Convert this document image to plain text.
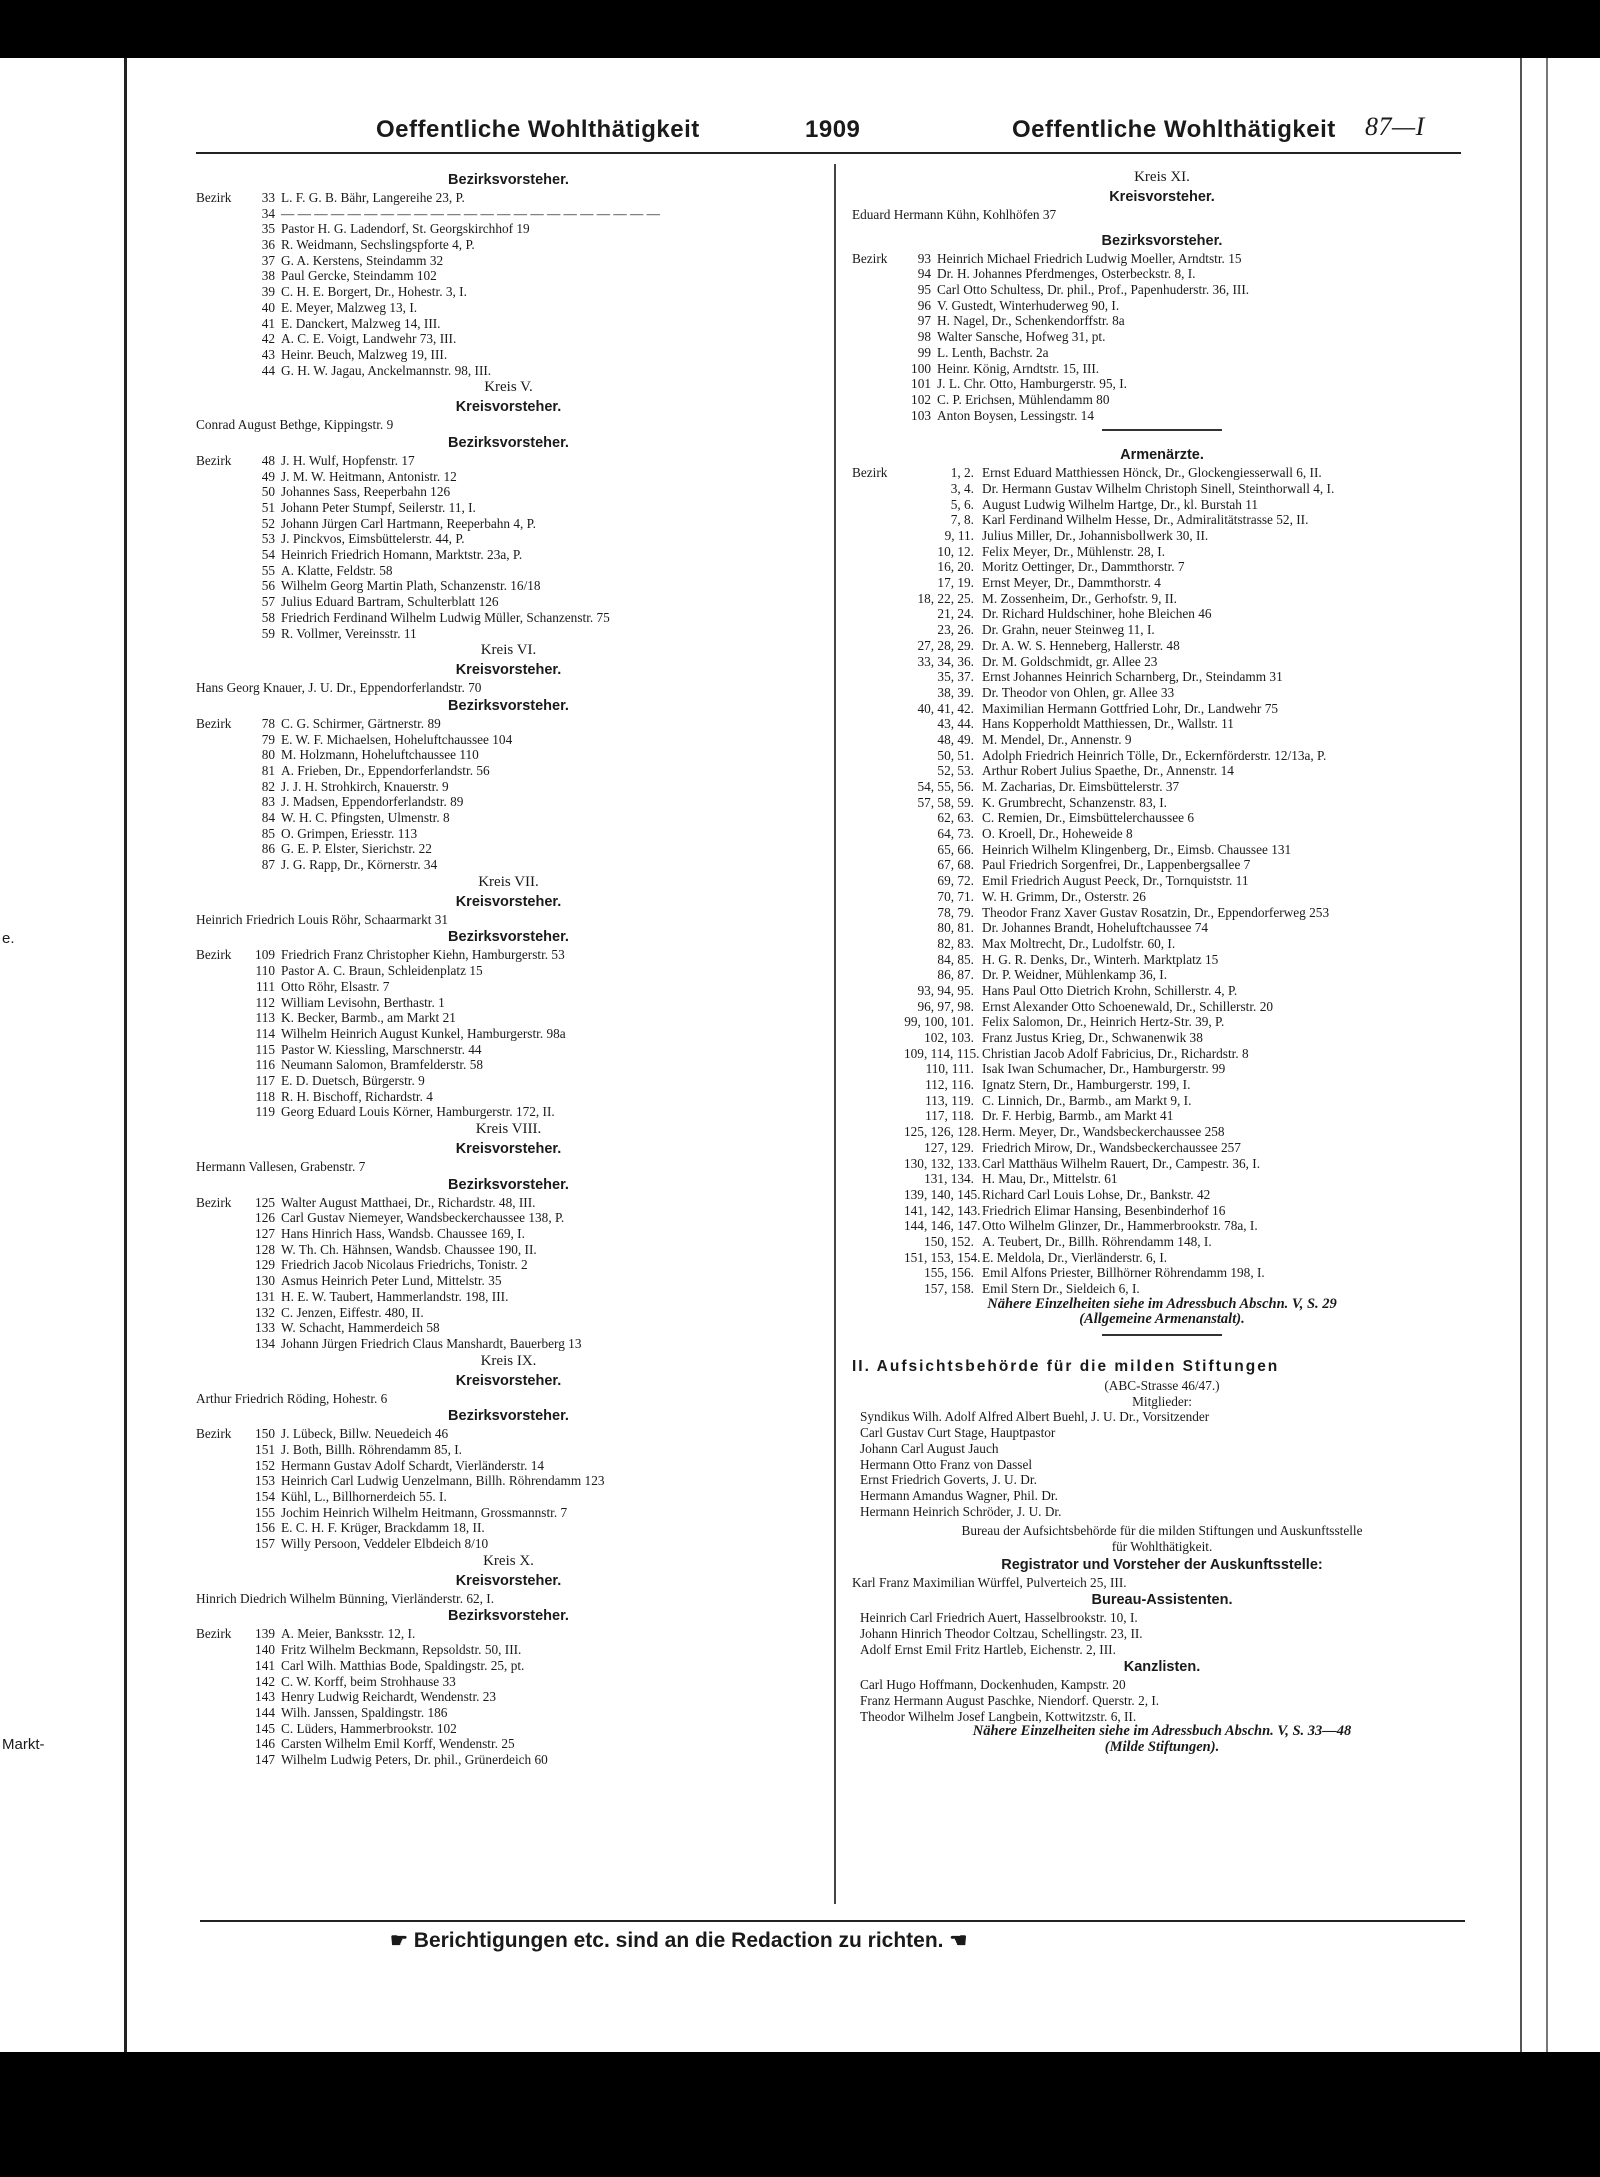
e.
Markt-
Oeffentliche Wohlthätigkeit	1909	Oeffentliche Wohlthätigkeit 87—I
Bezirksvorsteher.
Bezirk	33 L. F. G. B. Bähr, Langereihe 23, P.
34 — — — — — — — — — — — — — — — — — — — — — — —
35 Pastor H. G. Ladendorf, St. Georgskirchhof 19
36 R. Weidmann, Sechslingspforte 4, P.
37 G. A. Kerstens, Steindamm 32
38 Paul Gercke, Steindamm 102
39 C. H. E. Borgert, Dr., Hohestr. 3, I.
40 E. Meyer, Malzweg 13, I.
41 E. Danckert, Malzweg 14, III.
42 A. C. E. Voigt, Landwehr 73, III.
43 Heinr. Beuch, Malzweg 19, III.
44 G. H. W. Jagau, Anckelmannstr. 98, III.
Kreis V.
Kreisvorsteher.
Conrad August Bethge, Kippingstr. 9
Bezirksvorsteher.
Bezirk	48 J. H. Wulf, Hopfenstr. 17
49 J. M. W. Heitmann, Antonistr. 12
50 Johannes Sass, Reeperbahn 126
51 Johann Peter Stumpf, Seilerstr. 11, I.
52 Johann Jürgen Carl Hartmann, Reeperbahn 4, P.
53 J. Pinckvos, Eimsbüttelerstr. 44, P.
54 Heinrich Friedrich Homann, Marktstr. 23a, P.
55 A. Klatte, Feldstr. 58
56 Wilhelm Georg Martin Plath, Schanzenstr. 16/18
57 Julius Eduard Bartram, Schulterblatt 126
58 Friedrich Ferdinand Wilhelm Ludwig Müller, Schanzenstr. 75
59 R. Vollmer, Vereinsstr. 11
Kreis VI.
Kreisvorsteher.
Hans Georg Knauer, J. U. Dr., Eppendorferlandstr. 70
Bezirksvorsteher.
Bezirk	78 C. G. Schirmer, Gärtnerstr. 89
79 E. W. F. Michaelsen, Hoheluftchaussee 104
80 M. Holzmann, Hoheluftchaussee 110
81 A. Frieben, Dr., Eppendorferlandstr. 56
82 J. J. H. Strohkirch, Knauerstr. 9
83 J. Madsen, Eppendorferlandstr. 89
84 W. H. C. Pfingsten, Ulmenstr. 8
85 O. Grimpen, Eriesstr. 113
86 G. E. P. Elster, Sierichstr. 22
87 J. G. Rapp, Dr., Körnerstr. 34
Kreis VII.
Kreisvorsteher.
Heinrich Friedrich Louis Röhr, Schaarmarkt 31
Bezirksvorsteher.
Bezirk	109 Friedrich Franz Christopher Kiehn, Hamburgerstr. 53
110 Pastor A. C. Braun, Schleidenplatz 15
111 Otto Röhr, Elsastr. 7
112 William Levisohn, Berthastr. 1
113 K. Becker, Barmb., am Markt 21
114 Wilhelm Heinrich August Kunkel, Hamburgerstr. 98a
115 Pastor W. Kiessling, Marschnerstr. 44
116 Neumann Salomon, Bramfelderstr. 58
117 E. D. Duetsch, Bürgerstr. 9
118 R. H. Bischoff, Richardstr. 4
119 Georg Eduard Louis Körner, Hamburgerstr. 172, II.
Kreis VIII.
Kreisvorsteher.
Hermann Vallesen, Grabenstr. 7
Bezirksvorsteher.
Bezirk	125 Walter August Matthaei, Dr., Richardstr. 48, III.
126 Carl Gustav Niemeyer, Wandsbeckerchaussee 138, P.
127 Hans Hinrich Hass, Wandsb. Chaussee 169, I.
128 W. Th. Ch. Hähnsen, Wandsb. Chaussee 190, II.
129 Friedrich Jacob Nicolaus Friedrichs, Tonistr. 2
130 Asmus Heinrich Peter Lund, Mittelstr. 35
131 H. E. W. Taubert, Hammerlandstr. 198, III.
132 C. Jenzen, Eiffestr. 480, II.
133 W. Schacht, Hammerdeich 58
134 Johann Jürgen Friedrich Claus Manshardt, Bauerberg 13
Kreis IX.
Kreisvorsteher.
Arthur Friedrich Röding, Hohestr. 6
Bezirksvorsteher.
Bezirk	150 J. Lübeck, Billw. Neuedeich 46
151 J. Both, Billh. Röhrendamm 85, I.
152 Hermann Gustav Adolf Schardt, Vierländerstr. 14
153 Heinrich Carl Ludwig Uenzelmann, Billh. Röhrendamm 123
154 Kühl, L., Billhornerdeich 55. I.
155 Jochim Heinrich Wilhelm Heitmann, Grossmannstr. 7
156 E. C. H. F. Krüger, Brackdamm 18, II.
157 Willy Persoon, Veddeler Elbdeich 8/10
Kreis X.
Kreisvorsteher.
Hinrich Diedrich Wilhelm Bünning, Vierländerstr. 62, I.
Bezirksvorsteher.
Bezirk	139 A. Meier, Banksstr. 12, I.
140 Fritz Wilhelm Beckmann, Repsoldstr. 50, III.
141 Carl Wilh. Matthias Bode, Spaldingstr. 25, pt.
142 C. W. Korff, beim Strohhause 33
143 Henry Ludwig Reichardt, Wendenstr. 23
144 Wilh. Janssen, Spaldingstr. 186
145 C. Lüders, Hammerbrookstr. 102
146 Carsten Wilhelm Emil Korff, Wendenstr. 25
147 Wilhelm Ludwig Peters, Dr. phil., Grünerdeich 60
Kreis XI.
Kreisvorsteher.
Eduard Hermann Kühn, Kohlhöfen 37
Bezirksvorsteher.
Bezirk	93 Heinrich Michael Friedrich Ludwig Moeller, Arndtstr. 15
94 Dr. H. Johannes Pferdmenges, Osterbeckstr. 8, I.
95 Carl Otto Schultess, Dr. phil., Prof., Papenhuderstr. 36, III.
96 V. Gustedt, Winterhuderweg 90, I.
97 H. Nagel, Dr., Schenkendorffstr. 8a
98 Walter Sansche, Hofweg 31, pt.
99 L. Lenth, Bachstr. 2a
100 Heinr. König, Arndtstr. 15, III.
101 J. L. Chr. Otto, Hamburgerstr. 95, I.
102 C. P. Erichsen, Mühlendamm 80
103 Anton Boysen, Lessingstr. 14
Armenärzte.
Bezirk	1, 2. Ernst Eduard Matthiessen Hönck, Dr., Glockengiesserwall 6, II.
3, 4. Dr. Hermann Gustav Wilhelm Christoph Sinell, Steinthorwall 4, I.
5, 6. August Ludwig Wilhelm Hartge, Dr., kl. Burstah 11
7, 8. Karl Ferdinand Wilhelm Hesse, Dr., Admiralitätstrasse 52, II.
9, 11. Julius Miller, Dr., Johannisbollwerk 30, II.
10, 12. Felix Meyer, Dr., Mühlenstr. 28, I.
16, 20. Moritz Oettinger, Dr., Dammthorstr. 7
17, 19. Ernst Meyer, Dr., Dammthorstr. 4
18, 22, 25. M. Zossenheim, Dr., Gerhofstr. 9, II.
21, 24. Dr. Richard Huldschiner, hohe Bleichen 46
23, 26. Dr. Grahn, neuer Steinweg 11, I.
27, 28, 29. Dr. A. W. S. Henneberg, Hallerstr. 48
33, 34, 36. Dr. M. Goldschmidt, gr. Allee 23
35, 37. Ernst Johannes Heinrich Scharnberg, Dr., Steindamm 31
38, 39. Dr. Theodor von Ohlen, gr. Allee 33
40, 41, 42. Maximilian Hermann Gottfried Lohr, Dr., Landwehr 75
43, 44. Hans Kopperholdt Matthiessen, Dr., Wallstr. 11
48, 49. M. Mendel, Dr., Annenstr. 9
50, 51. Adolph Friedrich Heinrich Tölle, Dr., Eckernförderstr. 12/13a, P.
52, 53. Arthur Robert Julius Spaethe, Dr., Annenstr. 14
54, 55, 56. M. Zacharias, Dr. Eimsbüttelerstr. 37
57, 58, 59. K. Grumbrecht, Schanzenstr. 83, I.
62, 63. C. Remien, Dr., Eimsbüttelerchaussee 6
64, 73. O. Kroell, Dr., Hoheweide 8
65, 66. Heinrich Wilhelm Klingenberg, Dr., Eimsb. Chaussee 131
67, 68. Paul Friedrich Sorgenfrei, Dr., Lappenbergsallee 7
69, 72. Emil Friedrich August Peeck, Dr., Tornquiststr. 11
70, 71. W. H. Grimm, Dr., Osterstr. 26
78, 79. Theodor Franz Xaver Gustav Rosatzin, Dr., Eppendorferweg 253
80, 81. Dr. Johannes Brandt, Hoheluftchaussee 74
82, 83. Max Moltrecht, Dr., Ludolfstr. 60, I.
84, 85. H. G. R. Denks, Dr., Winterh. Marktplatz 15
86, 87. Dr. P. Weidner, Mühlenkamp 36, I.
93, 94, 95. Hans Paul Otto Dietrich Krohn, Schillerstr. 4, P.
96, 97, 98. Ernst Alexander Otto Schoenewald, Dr., Schillerstr. 20
99, 100, 101. Felix Salomon, Dr., Heinrich Hertz-Str. 39, P.
102, 103. Franz Justus Krieg, Dr., Schwanenwik 38
109, 114, 115. Christian Jacob Adolf Fabricius, Dr., Richardstr. 8
110, 111. Isak Iwan Schumacher, Dr., Hamburgerstr. 99
112, 116. Ignatz Stern, Dr., Hamburgerstr. 199, I.
113, 119. C. Linnich, Dr., Barmb., am Markt 9, I.
117, 118. Dr. F. Herbig, Barmb., am Markt 41
125, 126, 128. Herm. Meyer, Dr., Wandsbeckerchaussee 258
127, 129. Friedrich Mirow, Dr., Wandsbeckerchaussee 257
130, 132, 133. Carl Matthäus Wilhelm Rauert, Dr., Campestr. 36, I.
131, 134. H. Mau, Dr., Mittelstr. 61
139, 140, 145. Richard Carl Louis Lohse, Dr., Bankstr. 42
141, 142, 143. Friedrich Elimar Hansing, Besenbinderhof 16
144, 146, 147. Otto Wilhelm Glinzer, Dr., Hammerbrookstr. 78a, I.
150, 152. A. Teubert, Dr., Billh. Röhrendamm 148, I.
151, 153, 154. E. Meldola, Dr., Vierländerstr. 6, I.
155, 156. Emil Alfons Priester, Billhörner Röhrendamm 198, I.
157, 158. Emil Stern Dr., Sieldeich 6, I.
Nähere Einzelheiten siehe im Adressbuch Abschn. V, S. 29
(Allgemeine Armenanstalt).
II. Aufsichtsbehörde für die milden Stiftungen
(ABC-Strasse 46/47.)
Mitglieder:
Syndikus Wilh. Adolf Alfred Albert Buehl, J. U. Dr., Vorsitzender
Carl Gustav Curt Stage, Hauptpastor
Johann Carl August Jauch
Hermann Otto Franz von Dassel
Ernst Friedrich Goverts, J. U. Dr.
Hermann Amandus Wagner, Phil. Dr.
Hermann Heinrich Schröder, J. U. Dr.
Bureau der Aufsichtsbehörde für die milden Stiftungen und Auskunftsstelle
für Wohlthätigkeit.
Registrator und Vorsteher der Auskunftsstelle:
Karl Franz Maximilian Würffel, Pulverteich 25, III.
Bureau-Assistenten.
Heinrich Carl Friedrich Auert, Hasselbrookstr. 10, I.
Johann Hinrich Theodor Coltzau, Schellingstr. 23, II.
Adolf Ernst Emil Fritz Hartleb, Eichenstr. 2, III.
Kanzlisten.
Carl Hugo Hoffmann, Dockenhuden, Kampstr. 20
Franz Hermann August Paschke, Niendorf. Querstr. 2, I.
Theodor Wilhelm Josef Langbein, Kottwitzstr. 6, II.
Nähere Einzelheiten siehe im Adressbuch Abschn. V, S. 33—48
(Milde Stiftungen).
☛ Berichtigungen etc. sind an die Redaction zu richten. ☚
